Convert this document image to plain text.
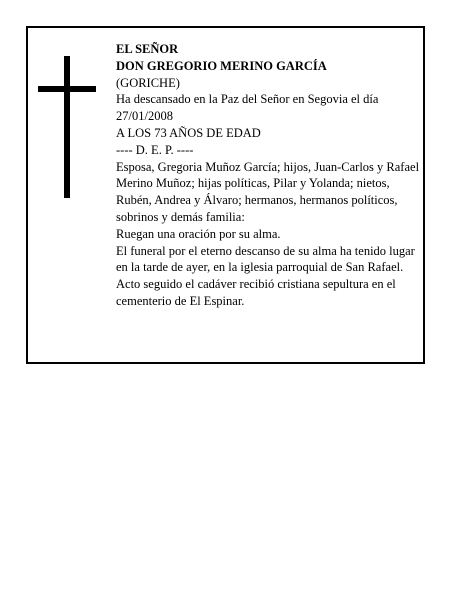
EL SEÑOR

DON GREGORIO MERINO GARCÍA

(GORICHE)

Ha descansado en la Paz del Señor en Segovia el día 27/01/2008

A LOS 73 AÑOS DE EDAD

---- D. E. P. ----

Esposa, Gregoria Muñoz García; hijos, Juan-Carlos y Rafael Merino Muñoz; hijas políticas, Pilar y Yolanda; nietos, Rubén, Andrea y Álvaro; hermanos, hermanos políticos, sobrinos y demás familia:

Ruegan una oración por su alma.

El funeral por el eterno descanso de su alma ha tenido lugar en la tarde de ayer, en la iglesia parroquial de San Rafael. Acto seguido el cadáver recibió cristiana sepultura en el cementerio de El Espinar.
